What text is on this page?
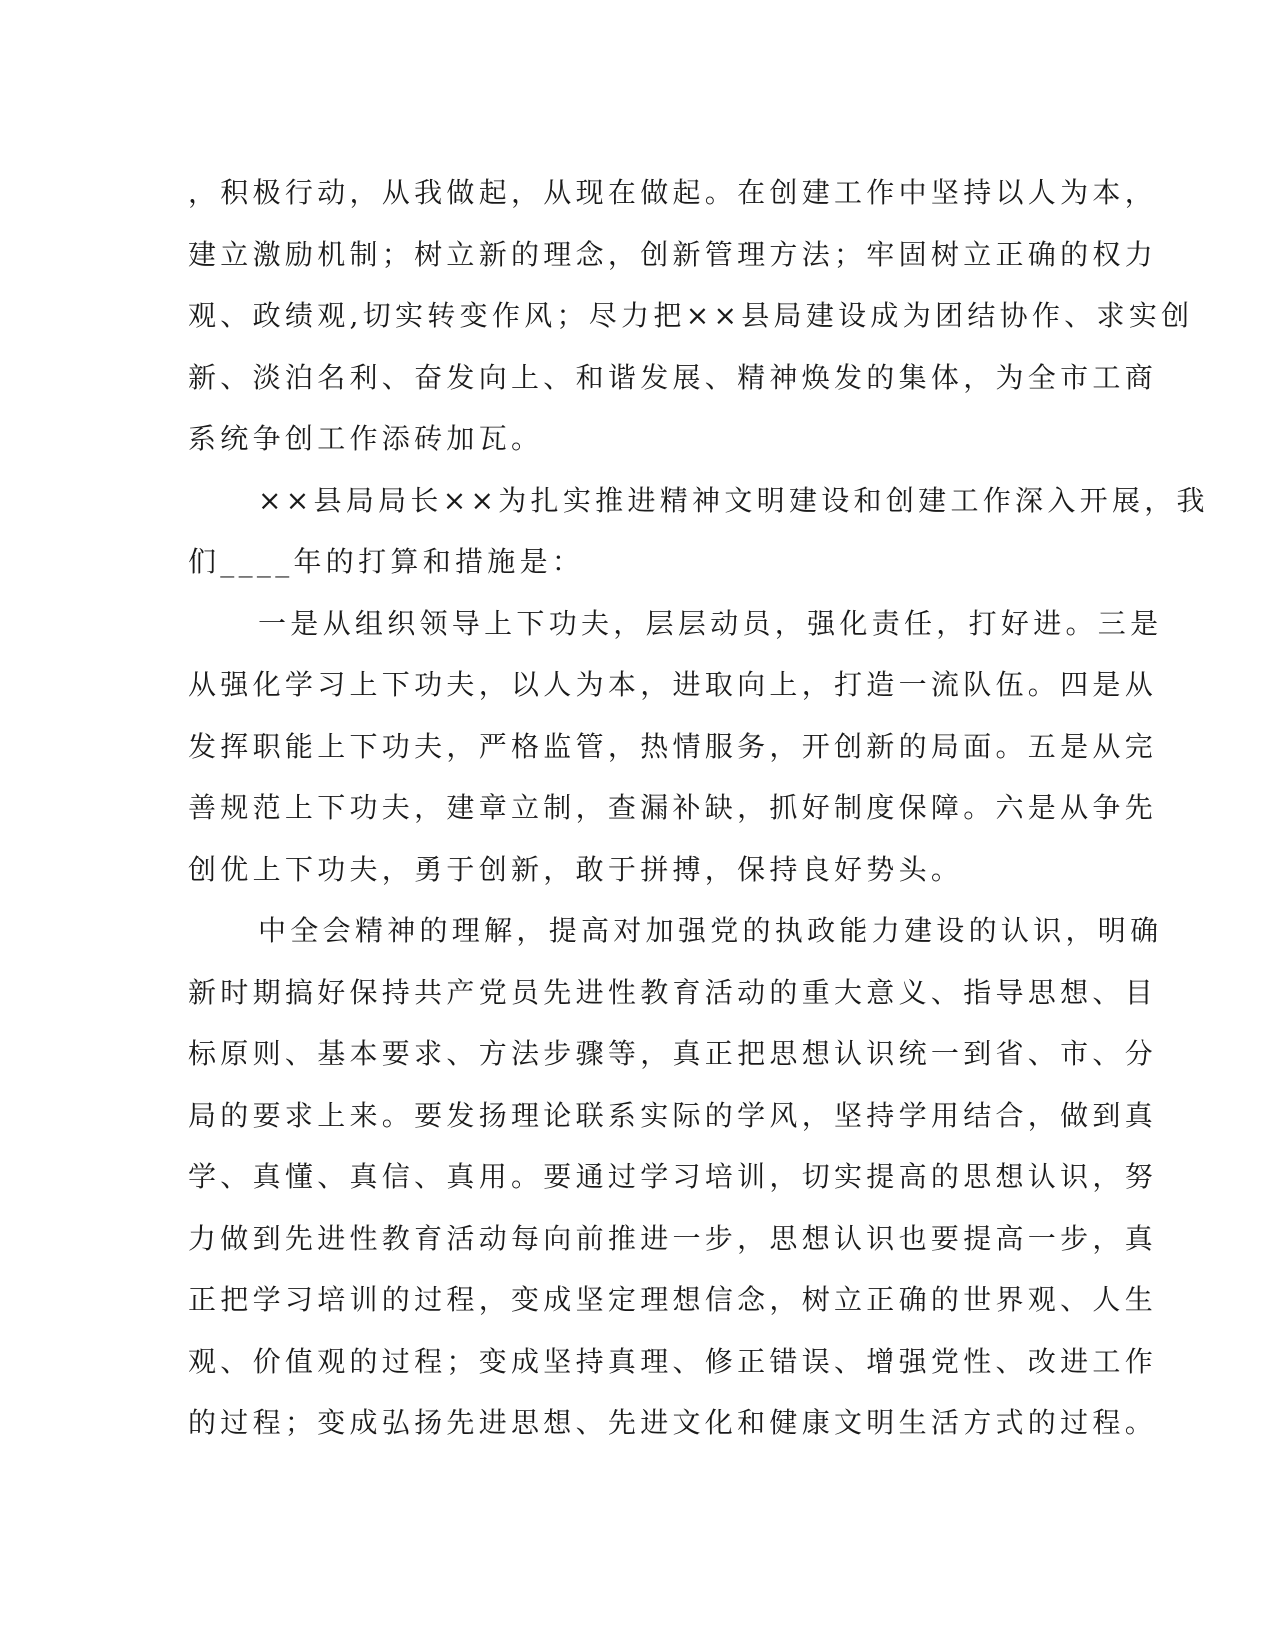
，积极行动，从我做起，从现在做起。在创建工作中坚持以人为本，
建立激励机制；树立新的理念，创新管理方法；牢固树立正确的权力
观、政绩观,切实转变作风；尽力把××县局建设成为团结协作、求实创
新、淡泊名利、奋发向上、和谐发展、精神焕发的集体，为全市工商
系统争创工作添砖加瓦。
××县局局长××为扎实推进精神文明建设和创建工作深入开展，我
们____年的打算和措施是：
一是从组织领导上下功夫，层层动员，强化责任，打好进。三是
从强化学习上下功夫，以人为本，进取向上，打造一流队伍。四是从
发挥职能上下功夫，严格监管，热情服务，开创新的局面。五是从完
善规范上下功夫，建章立制，查漏补缺，抓好制度保障。六是从争先
创优上下功夫，勇于创新，敢于拼搏，保持良好势头。
中全会精神的理解，提高对加强党的执政能力建设的认识，明确
新时期搞好保持共产党员先进性教育活动的重大意义、指导思想、目
标原则、基本要求、方法步骤等，真正把思想认识统一到省、市、分
局的要求上来。要发扬理论联系实际的学风，坚持学用结合，做到真
学、真懂、真信、真用。要通过学习培训，切实提高的思想认识，努
力做到先进性教育活动每向前推进一步，思想认识也要提高一步，真
正把学习培训的过程，变成坚定理想信念，树立正确的世界观、人生
观、价值观的过程；变成坚持真理、修正错误、增强党性、改进工作
的过程；变成弘扬先进思想、先进文化和健康文明生活方式的过程。
